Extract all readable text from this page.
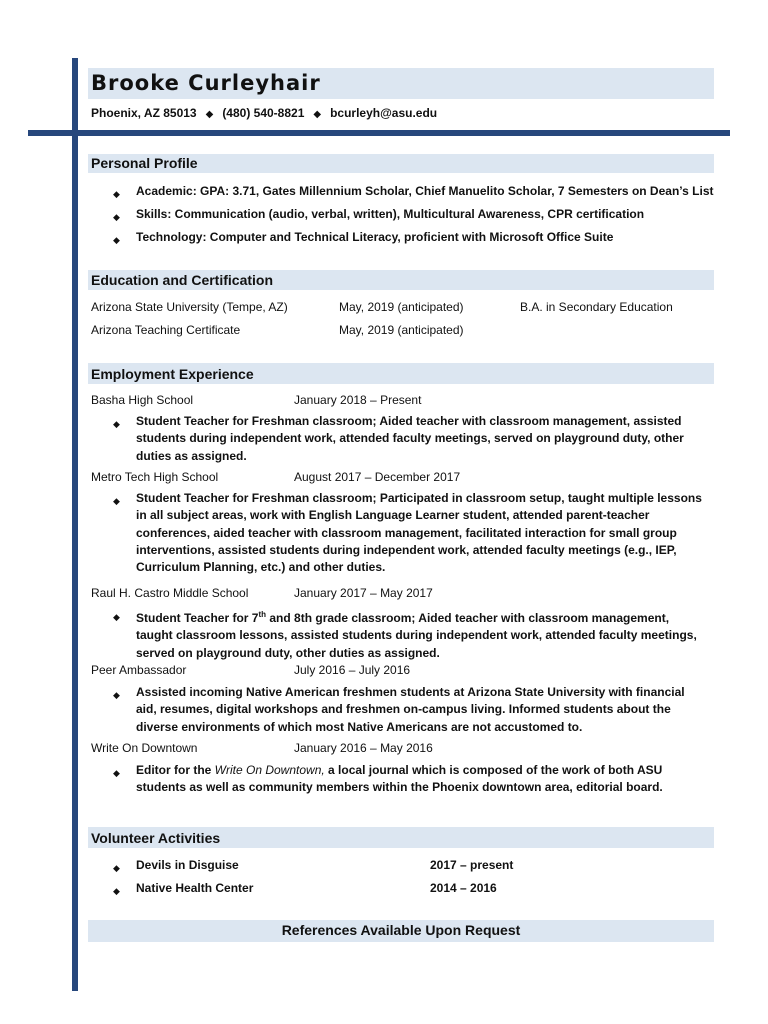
Brooke Curleyhair
Phoenix, AZ 85013 ◆ (480) 540-8821 ◆ bcurleyh@asu.edu
Personal Profile
◆ Academic: GPA: 3.71, Gates Millennium Scholar, Chief Manuelito Scholar, 7 Semesters on Dean’s List
◆ Skills: Communication (audio, verbal, written), Multicultural Awareness, CPR certification
◆ Technology: Computer and Technical Literacy, proficient with Microsoft Office Suite
Education and Certification
Arizona State University (Tempe, AZ)	May, 2019 (anticipated)	B.A. in Secondary Education
Arizona Teaching Certificate	May, 2019 (anticipated)
Employment Experience
Basha High School	January 2018 – Present
◆ Student Teacher for Freshman classroom; Aided teacher with classroom management, assisted students during independent work, attended faculty meetings, served on playground duty, other duties as assigned.
Metro Tech High School	August 2017 – December 2017
◆ Student Teacher for Freshman classroom; Participated in classroom setup, taught multiple lessons in all subject areas, work with English Language Learner student, attended parent-teacher conferences, aided teacher with classroom management, facilitated interaction for small group interventions, assisted students during independent work, attended faculty meetings (e.g., IEP, Curriculum Planning, etc.) and other duties.
Raul H. Castro Middle School	January 2017 – May 2017
◆ Student Teacher for 7th and 8th grade classroom; Aided teacher with classroom management, taught classroom lessons, assisted students during independent work, attended faculty meetings, served on playground duty, other duties as assigned.
Peer Ambassador	July 2016 – July 2016
◆ Assisted incoming Native American freshmen students at Arizona State University with financial aid, resumes, digital workshops and freshmen on-campus living. Informed students about the diverse environments of which most Native Americans are not accustomed to.
Write On Downtown	January 2016 – May 2016
◆ Editor for the Write On Downtown, a local journal which is composed of the work of both ASU students as well as community members within the Phoenix downtown area, editorial board.
Volunteer Activities
◆ Devils in Disguise	2017 – present
◆ Native Health Center	2014 – 2016
References Available Upon Request
